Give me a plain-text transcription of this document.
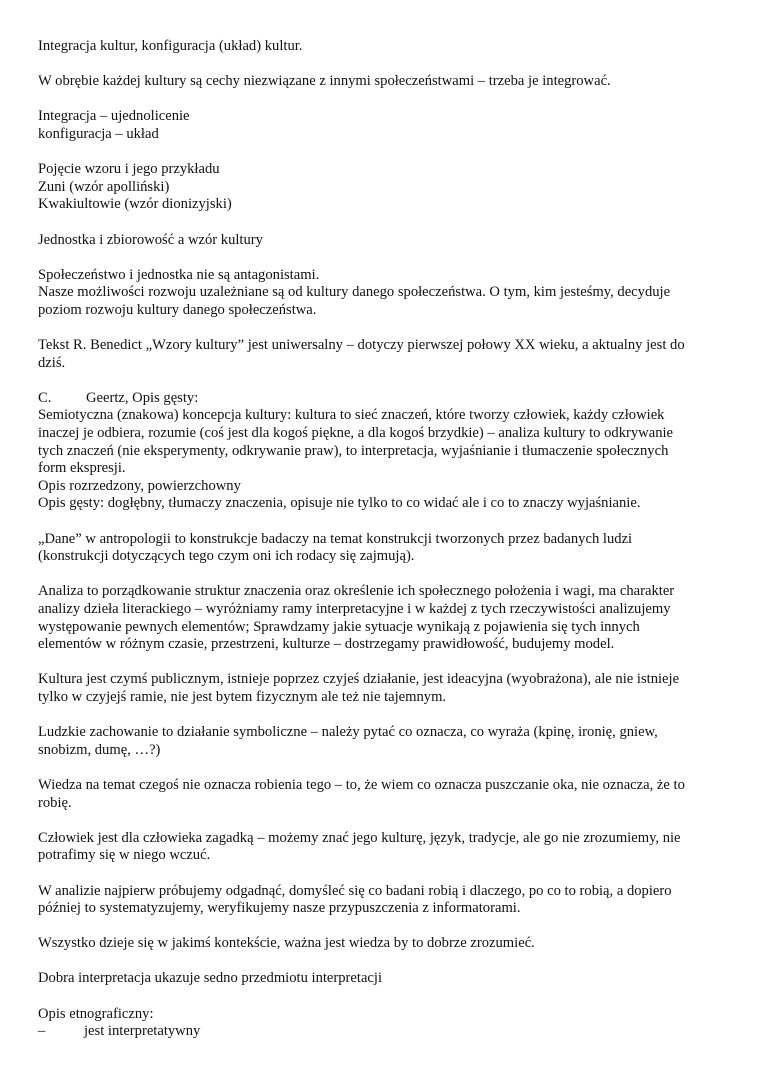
Integracja kultur, konfiguracja (układ) kultur.

W obrębie każdej kultury są cechy niezwiązane z innymi społeczeństwami – trzeba je integrować.

Integracja – ujednolicenie
konfiguracja – układ

Pojęcie wzoru i jego przykładu
Zuni (wzór apolliński)
Kwakiultowie (wzór dionizyjski)

Jednostka i zbiorowość a wzór kultury

Społeczeństwo i jednostka nie są antagonistami.
Nasze możliwości rozwoju uzależniane są od kultury danego społeczeństwa. O tym, kim jesteśmy, decyduje
poziom rozwoju kultury danego społeczeństwa.

Tekst R. Benedict „Wzory kultury” jest uniwersalny – dotyczy pierwszej połowy XX wieku, a aktualny jest do
dziś.

C. Geertz, Opis gęsty:
Semiotyczna (znakowa) koncepcja kultury: kultura to sieć znaczeń, które tworzy człowiek, każdy człowiek
inaczej je odbiera, rozumie (coś jest dla kogoś piękne, a dla kogoś brzydkie) – analiza kultury to odkrywanie
tych znaczeń (nie eksperymenty, odkrywanie praw), to interpretacja, wyjaśnianie i tłumaczenie społecznych
form ekspresji.
Opis rozrzedzony, powierzchowny
Opis gęsty: dogłębny, tłumaczy znaczenia, opisuje nie tylko to co widać ale i co to znaczy wyjaśnianie.

„Dane” w antropologii to konstrukcje badaczy na temat konstrukcji tworzonych przez badanych ludzi
(konstrukcji dotyczących tego czym oni ich rodacy się zajmują).

Analiza to porządkowanie struktur znaczenia oraz określenie ich społecznego położenia i wagi, ma charakter
analizy dzieła literackiego – wyróżniamy ramy interpretacyjne i w każdej z tych rzeczywistości analizujemy
występowanie pewnych elementów; Sprawdzamy jakie sytuacje wynikają z pojawienia się tych innych
elementów w różnym czasie, przestrzeni, kulturze – dostrzegamy prawidłowość, budujemy model.

Kultura jest czymś publicznym, istnieje poprzez czyjeś działanie, jest ideacyjna (wyobrażona), ale nie istnieje
tylko w czyjejś ramie, nie jest bytem fizycznym ale też nie tajemnym.

Ludzkie zachowanie to działanie symboliczne – należy pytać co oznacza, co wyraża (kpinę, ironię, gniew,
snobizm, dumę, …?)

Wiedza na temat czegoś nie oznacza robienia tego – to, że wiem co oznacza puszczanie oka, nie oznacza, że to
robię.

Człowiek jest dla człowieka zagadką – możemy znać jego kulturę, język, tradycje, ale go nie zrozumiemy, nie
potrafimy się w niego wczuć.

W analizie najpierw próbujemy odgadnąć, domyśleć się co badani robią i dlaczego, po co to robią, a dopiero
później to systematyzujemy, weryfikujemy nasze przypuszczenia z informatorami.

Wszystko dzieje się w jakimś kontekście, ważna jest wiedza by to dobrze zrozumieć.

Dobra interpretacja ukazuje sedno przedmiotu interpretacji

Opis etnograficzny:
–	jest interpretatywny
